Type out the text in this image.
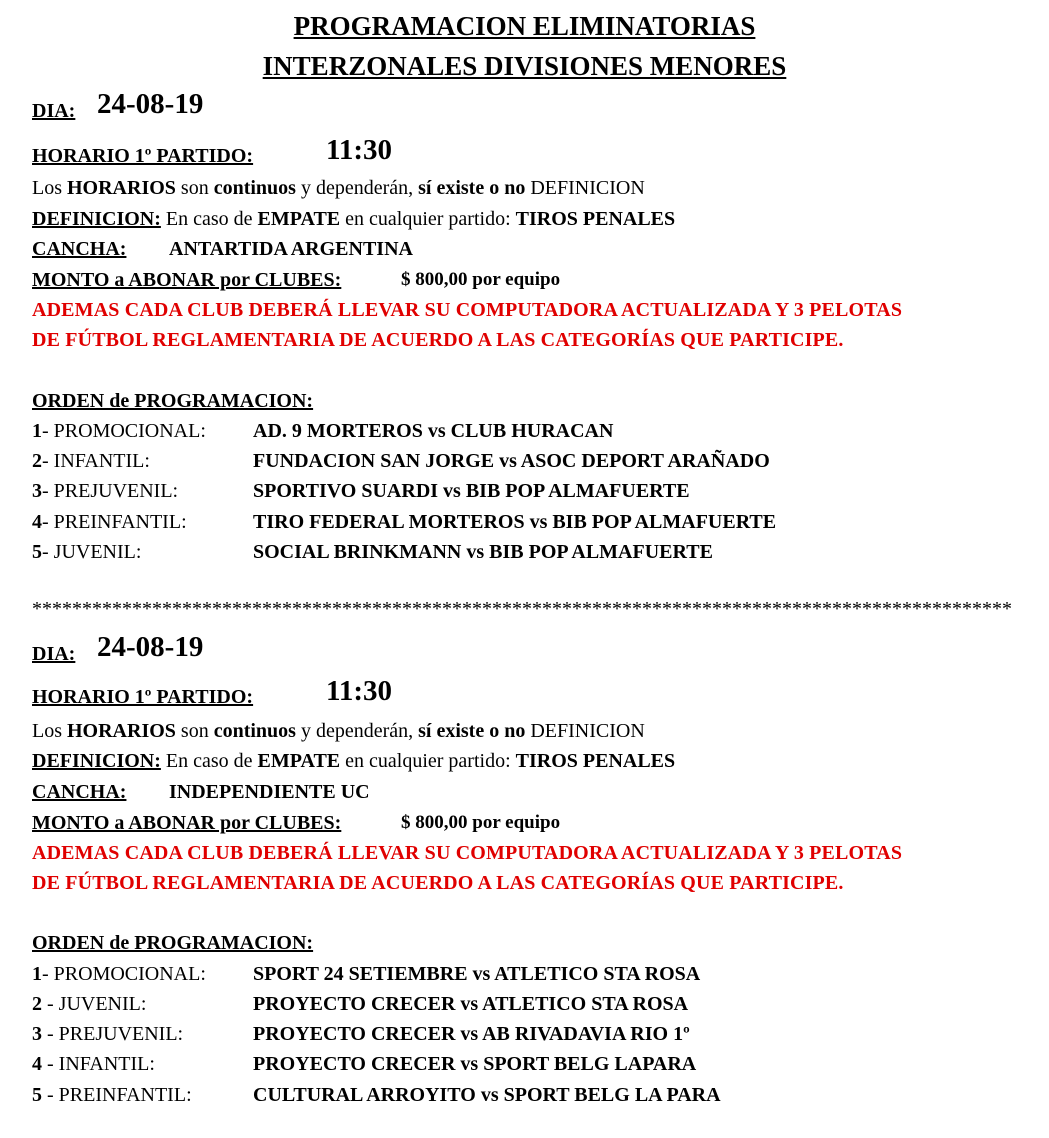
PROGRAMACION ELIMINATORIAS
INTERZONALES DIVISIONES MENORES
DIA: 24-08-19
HORARIO 1º PARTIDO:	11:30
Los HORARIOS son continuos y dependerán, sí existe o no DEFINICION
DEFINICION: En caso de EMPATE en cualquier partido: TIROS PENALES
CANCHA: ANTARTIDA ARGENTINA
MONTO a ABONAR por CLUBES:	$ 800,00 por equipo
ADEMAS CADA CLUB DEBERÁ LLEVAR SU COMPUTADORA ACTUALIZADA Y 3 PELOTAS
DE FÚTBOL REGLAMENTARIA DE ACUERDO A LAS CATEGORÍAS QUE PARTICIPE.
ORDEN de PROGRAMACION:
1- PROMOCIONAL: AD. 9 MORTEROS vs CLUB HURACAN
2- INFANTIL:	FUNDACION SAN JORGE vs ASOC DEPORT ARAÑADO
3- PREJUVENIL:	SPORTIVO SUARDI vs BIB POP ALMAFUERTE
4- PREINFANTIL:	TIRO FEDERAL MORTEROS vs BIB POP ALMAFUERTE
5- JUVENIL:	SOCIAL BRINKMANN vs BIB POP ALMAFUERTE
**************************************************************************************************
DIA: 24-08-19
HORARIO 1º PARTIDO:	11:30
Los HORARIOS son continuos y dependerán, sí existe o no DEFINICION
DEFINICION: En caso de EMPATE en cualquier partido: TIROS PENALES
CANCHA: INDEPENDIENTE UC
MONTO a ABONAR por CLUBES:	$ 800,00 por equipo
ADEMAS CADA CLUB DEBERÁ LLEVAR SU COMPUTADORA ACTUALIZADA Y 3 PELOTAS
DE FÚTBOL REGLAMENTARIA DE ACUERDO A LAS CATEGORÍAS QUE PARTICIPE.
ORDEN de PROGRAMACION:
1- PROMOCIONAL: SPORT 24 SETIEMBRE vs ATLETICO STA ROSA
2 - JUVENIL:	PROYECTO CRECER vs ATLETICO STA ROSA
3 - PREJUVENIL:	PROYECTO CRECER vs AB RIVADAVIA RIO 1º
4 - INFANTIL:	PROYECTO CRECER vs SPORT BELG LAPARA
5 - PREINFANTIL:	CULTURAL ARROYITO vs SPORT BELG LA PARA
